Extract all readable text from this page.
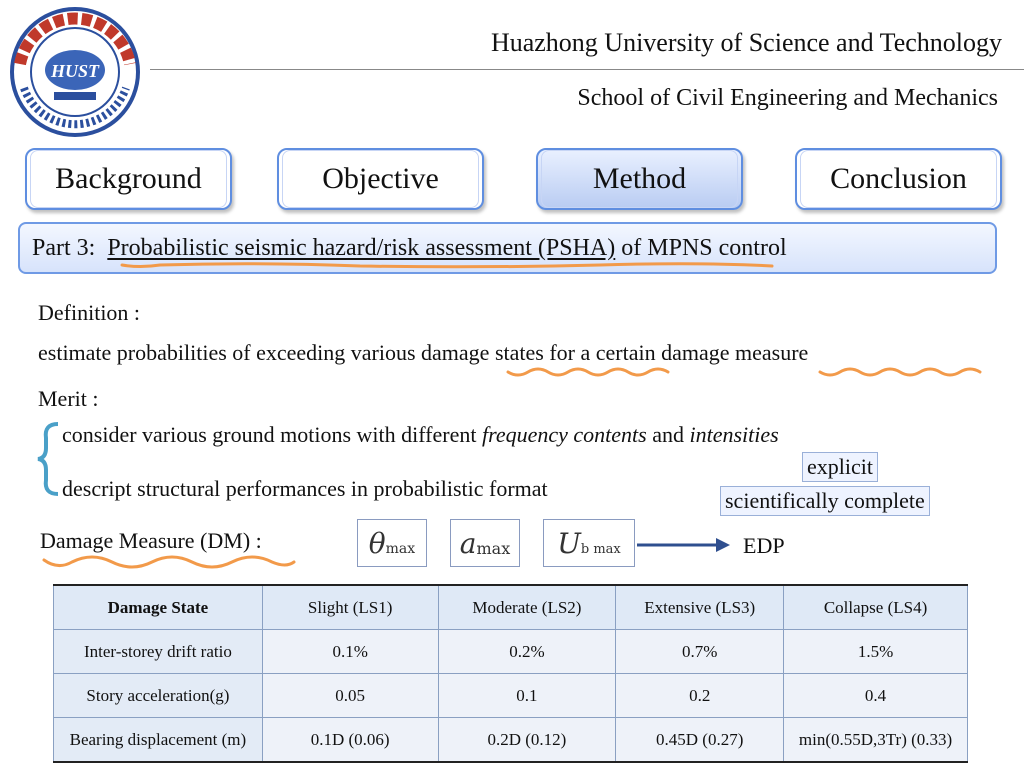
HUST
Huazhong University of Science and Technology
School of Civil Engineering and Mechanics
Background	Objective	Method	Conclusion
Part 3:
Probabilistic seismic hazard/risk assessment (PSHA)
of MPNS control
Definition :
estimate probabilities of exceeding various damage states for a certain damage measure
Merit :
consider various ground motions with different frequency contents and intensities
descript structural performances in probabilistic format
explicit
scientifically complete
Damage Measure (DM) :	θ max a max U b max	EDP
Damage State	Slight (LS1)	Moderate (LS2)	Extensive (LS3)	Collapse (LS4)
Inter-storey drift ratio	0.1%	0.2%	0.7%	1.5%
Story acceleration(g)	0.05	0.1	0.2	0.4
Bearing displacement (m)	0.1D (0.06)	0.2D (0.12)	0.45D (0.27)	min(0.55D,3Tr) (0.33)
